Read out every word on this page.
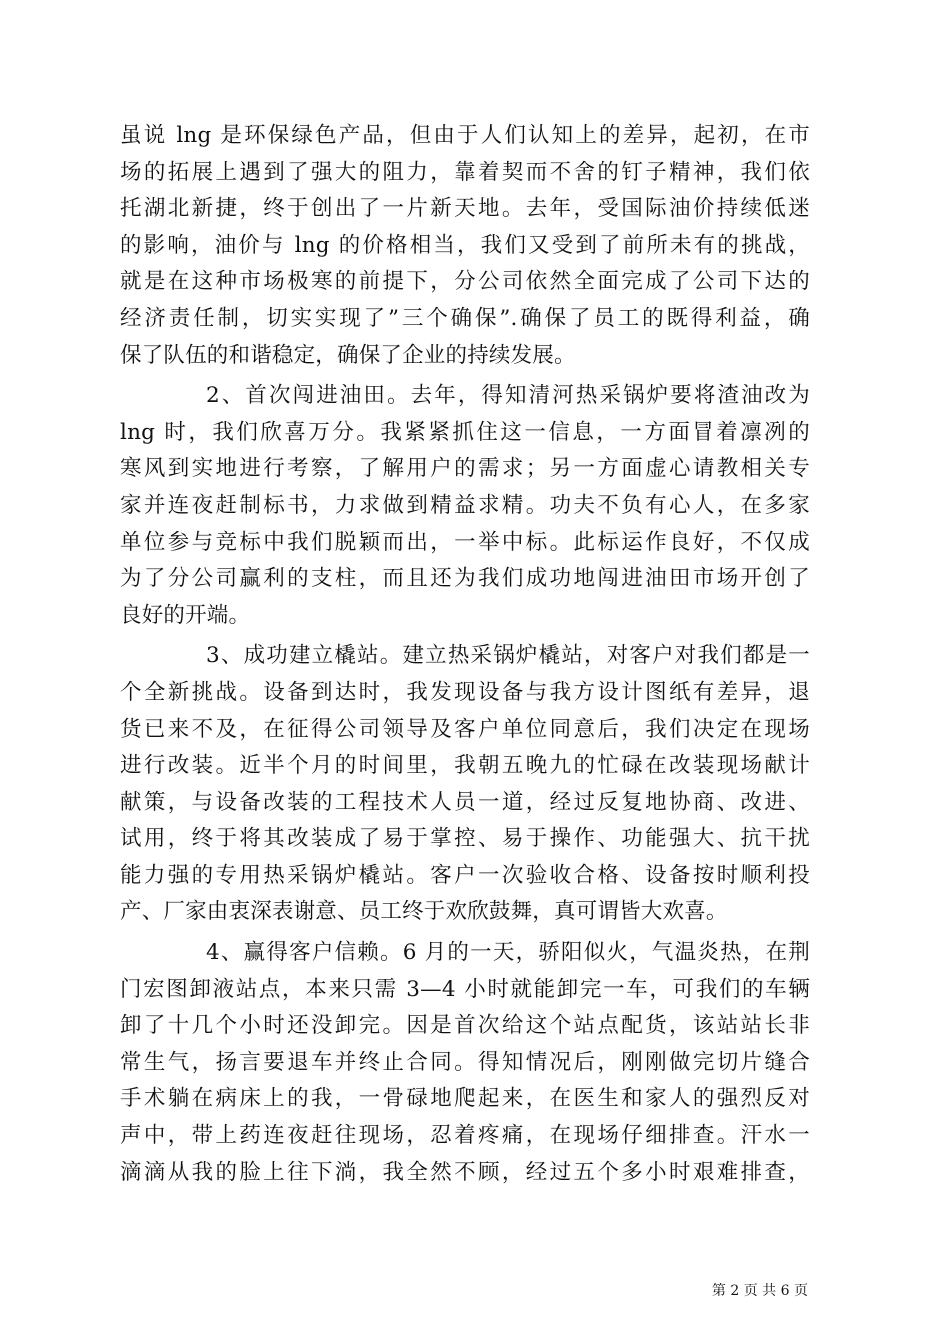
虽说 lng 是环保绿色产品，但由于人们认知上的差异，起初，在市
场的拓展上遇到了强大的阻力，靠着契而不舍的钉子精神，我们依
托湖北新捷，终于创出了一片新天地。去年，受国际油价持续低迷
的影响，油价与 lng 的价格相当，我们又受到了前所未有的挑战，
就是在这种市场极寒的前提下，分公司依然全面完成了公司下达的
经济责任制，切实实现了”三个确保”.确保了员工的既得利益，确
保了队伍的和谐稳定，确保了企业的持续发展。
2、首次闯进油田。去年，得知清河热采锅炉要将渣油改为
lng 时，我们欣喜万分。我紧紧抓住这一信息，一方面冒着凛冽的
寒风到实地进行考察，了解用户的需求；另一方面虚心请教相关专
家并连夜赶制标书，力求做到精益求精。功夫不负有心人，在多家
单位参与竞标中我们脱颖而出，一举中标。此标运作良好，不仅成
为了分公司赢利的支柱，而且还为我们成功地闯进油田市场开创了
良好的开端。
3、成功建立橇站。建立热采锅炉橇站，对客户对我们都是一
个全新挑战。设备到达时，我发现设备与我方设计图纸有差异，退
货已来不及，在征得公司领导及客户单位同意后，我们决定在现场
进行改装。近半个月的时间里，我朝五晚九的忙碌在改装现场献计
献策，与设备改装的工程技术人员一道，经过反复地协商、改进、
试用，终于将其改装成了易于掌控、易于操作、功能强大、抗干扰
能力强的专用热采锅炉橇站。客户一次验收合格、设备按时顺利投
产、厂家由衷深表谢意、员工终于欢欣鼓舞，真可谓皆大欢喜。
4、赢得客户信赖。6 月的一天，骄阳似火，气温炎热，在荆
门宏图卸液站点，本来只需 3—4 小时就能卸完一车，可我们的车辆
卸了十几个小时还没卸完。因是首次给这个站点配货，该站站长非
常生气，扬言要退车并终止合同。得知情况后，刚刚做完切片缝合
手术躺在病床上的我，一骨碌地爬起来，在医生和家人的强烈反对
声中，带上药连夜赶往现场，忍着疼痛，在现场仔细排查。汗水一
滴滴从我的脸上往下淌，我全然不顾，经过五个多小时艰难排查，
第 2 页 共 6 页
